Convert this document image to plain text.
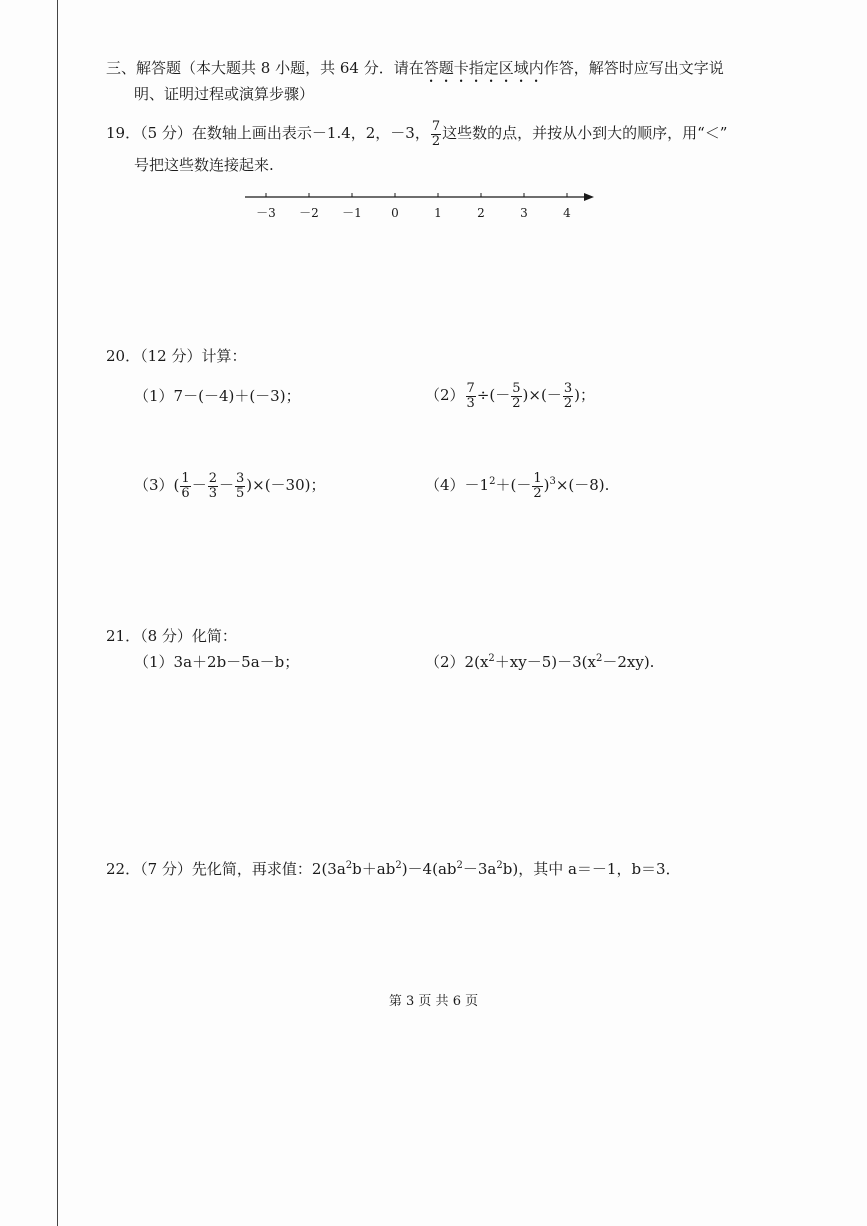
三、解答题（本大题共 8 小题，共 64 分．请在答题卡指定区域内作答，解答时应写出文字说
明、证明过程或演算步骤）
19．（5 分）在数轴上画出表示－1.4，2，－3， $\frac{7}{2}$ 这些数的点，并按从小到大的顺序，用“＜”
号把这些数连接起来.
－3 －2 －1 0	1	2	3	4
20．（12 分）计算：
（1）7－(－4)＋(－3)；	$(2) \frac{7}{3}$ ÷(－ $\frac{5}{2}$ )×(－ $\frac{3}{2}$ )；
$(3)( \frac{1}{6} - \frac{2}{3} - \frac{3}{5} )\times(-30)$；	$(4)-1^2+(- \frac{1}{2} )^3\times(-8)$.
21．（8 分）化简：
（1）3a＋2b－5a－b；	$(2)2(x^2+xy-5)-3(x^2-2xy)$.
22．（7 分）先化简，再求值：$2(3a^2b+ab^2)-4(ab^2-3a^2b)$，其中 a＝－1，b＝3．
第 3 页 共 6 页
